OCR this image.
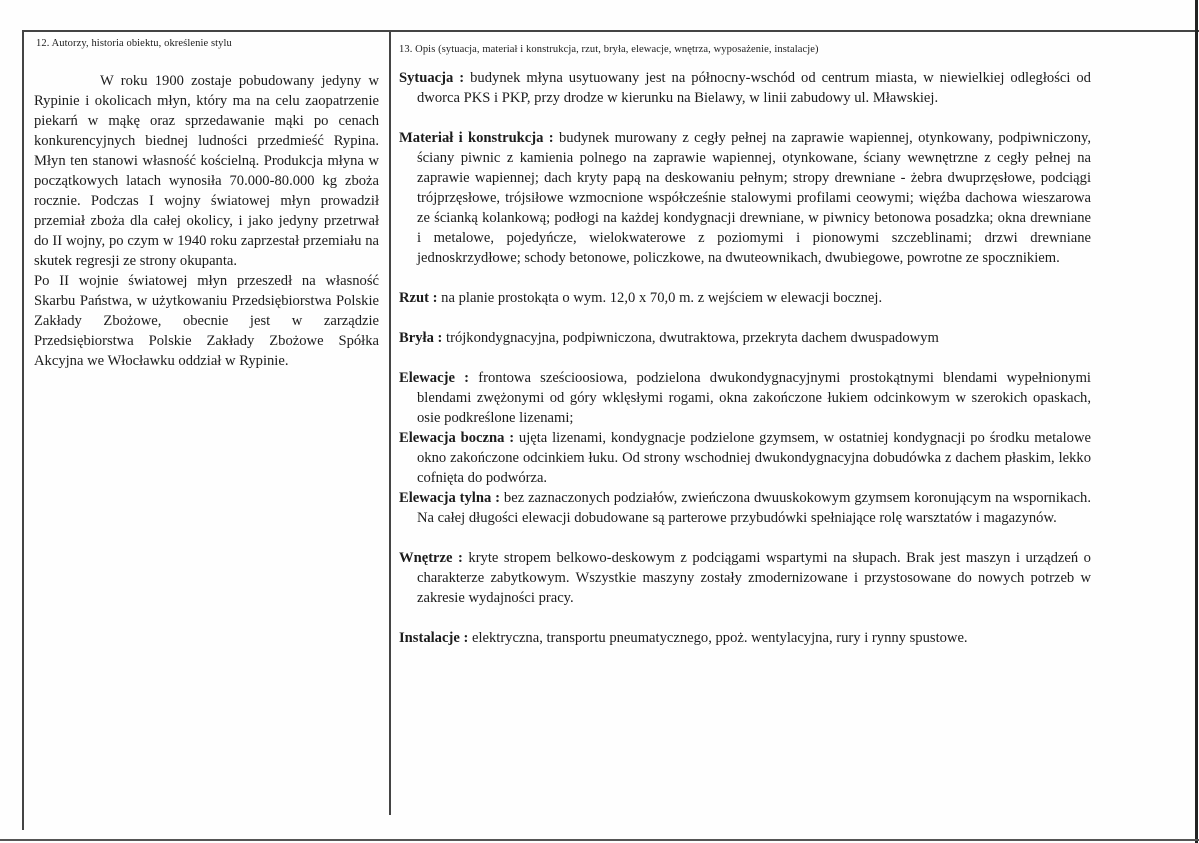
12. Autorzy, historia obiektu, określenie stylu

W roku 1900 zostaje pobudowany jedyny w Rypinie i okolicach młyn, który ma na celu zaopatrzenie piekarń w mąkę oraz sprzedawanie mąki po cenach konkurencyjnych biednej ludności przedmieść Rypina. Młyn ten stanowi własność kościelną. Produkcja młyna w początkowych latach wynosiła 70.000-80.000 kg zboża rocznie. Podczas I wojny światowej młyn prowadził przemiał zboża dla całej okolicy, i jako jedyny przetrwał do II wojny, po czym w 1940 roku zaprzestał przemiału na skutek regresji ze strony okupanta.

Po II wojnie światowej młyn przeszedł na własność Skarbu Państwa, w użytkowaniu Przedsiębiorstwa Polskie Zakłady Zbożowe, obecnie jest w zarządzie Przedsiębiorstwa Polskie Zakłady Zbożowe Spółka Akcyjna we Włocławku oddział w Rypinie.

13. Opis (sytuacja, materiał i konstrukcja, rzut, bryła, elewacje, wnętrza, wyposażenie, instalacje)

Sytuacja : budynek młyna usytuowany jest na północny-wschód od centrum miasta, w niewielkiej odległości od dworca PKS i PKP, przy drodze w kierunku na Bielawy, w linii zabudowy ul. Mławskiej.

Materiał i konstrukcja : budynek murowany z cegły pełnej na zaprawie wapiennej, otynkowany, podpiwniczony, ściany piwnic z kamienia polnego na zaprawie wapiennej, otynkowane, ściany wewnętrzne z cegły pełnej na zaprawie wapiennej; dach kryty papą na deskowaniu pełnym; stropy drewniane - żebra dwuprzęsłowe, podciągi trójprzęsłowe, trójsiłowe wzmocnione współcześnie stalowymi profilami ceowymi; więźba dachowa wieszarowa ze ścianką kolankową; podłogi na każdej kondygnacji drewniane, w piwnicy betonowa posadzka; okna drewniane i metalowe, pojedyńcze, wielokwaterowe z poziomymi i pionowymi szczeblinami; drzwi drewniane jednoskrzydłowe; schody betonowe, policzkowe, na dwuteownikach, dwubiegowe, powrotne ze spocznikiem.

Rzut : na planie prostokąta o wym. 12,0 x 70,0 m. z wejściem w elewacji bocznej.

Bryła : trójkondygnacyjna, podpiwniczona, dwutraktowa, przekryta dachem dwuspadowym

Elewacje : frontowa sześcioosiowa, podzielona dwukondygnacyjnymi prostokątnymi blendami wypełnionymi blendami zwężonymi od góry wklęsłymi rogami, okna zakończone łukiem odcinkowym w szerokich opaskach, osie podkreślone lizenami;

Elewacja boczna : ujęta lizenami, kondygnacje podzielone gzymsem, w ostatniej kondygnacji po środku metalowe okno zakończone odcinkiem łuku. Od strony wschodniej dwukondygnacyjna dobudówka z dachem płaskim, lekko cofnięta do podwórza.

Elewacja tylna : bez zaznaczonych podziałów, zwieńczona dwuuskokowym gzymsem koronującym na wspornikach. Na całej długości elewacji dobudowane są parterowe przybudówki spełniające rolę warsztatów i magazynów.

Wnętrze : kryte stropem belkowo-deskowym z podciągami wspartymi na słupach. Brak jest maszyn i urządzeń o charakterze zabytkowym. Wszystkie maszyny zostały zmodernizowane i przystosowane do nowych potrzeb w zakresie wydajności pracy.

Instalacje : elektryczna, transportu pneumatycznego, ppoż. wentylacyjna, rury i rynny spustowe.
